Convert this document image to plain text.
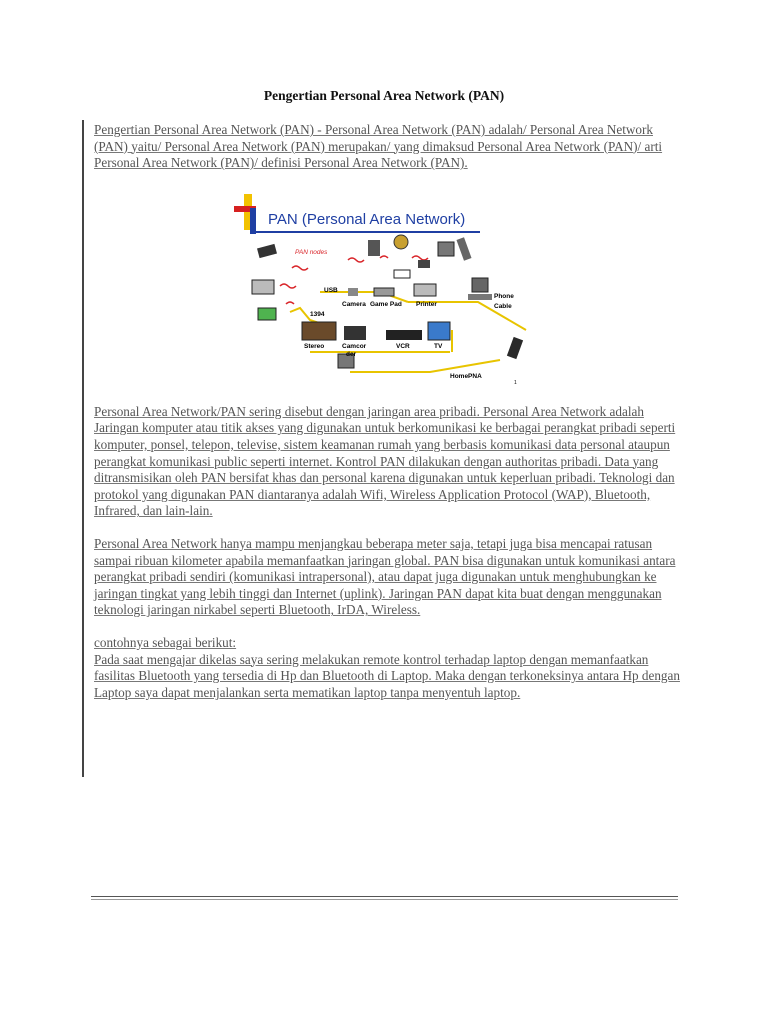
Pengertian Personal Area Network (PAN)

Pengertian Personal Area Network (PAN) - Personal Area Network (PAN) adalah/ Personal Area Network (PAN) yaitu/ Personal Area Network (PAN) merupakan/ yang dimaksud Personal Area Network (PAN)/ arti Personal Area Network (PAN)/ definisi Personal Area Network (PAN).

PAN (Personal Area Network)
PAN nodes
USB
Camera Game Pad Printer
Phone
Cable
1394
Stereo	Camcor
der
VCR	TV
HomePNA
1

Personal Area Network/PAN sering disebut dengan jaringan area pribadi. Personal Area Network adalah Jaringan komputer atau titik akses yang digunakan untuk berkomunikasi ke berbagai perangkat pribadi seperti komputer, ponsel, telepon, televise, sistem keamanan rumah yang berbasis komunikasi data personal ataupun perangkat komunikasi public seperti internet. Kontrol PAN dilakukan dengan authoritas pribadi. Data yang ditransmisikan oleh PAN bersifat khas dan personal karena digunakan untuk keperluan pribadi. Teknologi dan protokol yang digunakan PAN diantaranya adalah Wifi, Wireless Application Protocol (WAP), Bluetooth, Infrared, dan lain-lain.

Personal Area Network hanya mampu menjangkau beberapa meter saja, tetapi juga bisa mencapai ratusan sampai ribuan kilometer apabila memanfaatkan jaringan global. PAN bisa digunakan untuk komunikasi antara perangkat pribadi sendiri (komunikasi intrapersonal), atau dapat juga digunakan untuk menghubungkan ke jaringan tingkat yang lebih tinggi dan Internet (uplink). Jaringan PAN dapat kita buat dengan menggunakan teknologi jaringan nirkabel seperti Bluetooth, IrDA, Wireless.

contohnya sebagai berikut:

Pada saat mengajar dikelas saya sering melakukan remote kontrol terhadap laptop dengan memanfaatkan fasilitas Bluetooth yang tersedia di Hp dan Bluetooth di Laptop. Maka dengan terkoneksinya antara Hp dengan Laptop saya dapat menjalankan serta mematikan laptop tanpa menyentuh laptop.
